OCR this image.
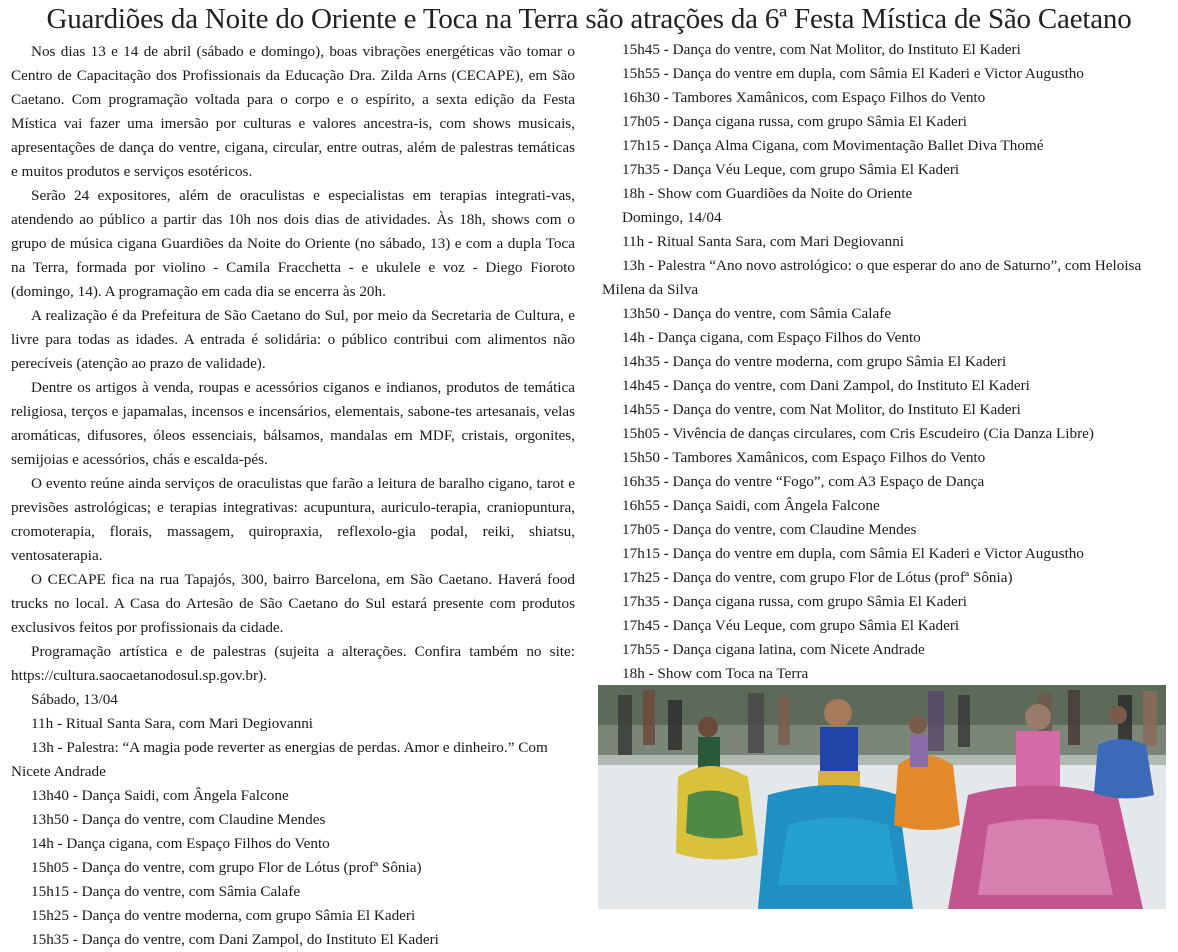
Guardiões da Noite do Oriente e Toca na Terra são atrações da 6ª Festa Mística de São Caetano

Nos dias 13 e 14 de abril (sábado e domingo), boas vibrações energéticas vão tomar o Centro de Capacitação dos Profissionais da Educação Dra. Zilda Arns (CECAPE), em São Caetano. Com programação voltada para o corpo e o espírito, a sexta edição da Festa Mística vai fazer uma imersão por culturas e valores ancestra-is, com shows musicais, apresentações de dança do ventre, cigana, circular, entre outras, além de palestras temáticas e muitos produtos e serviços esotéricos.

Serão 24 expositores, além de oraculistas e especialistas em terapias integrati-vas, atendendo ao público a partir das 10h nos dois dias de atividades. Às 18h, shows com o grupo de música cigana Guardiões da Noite do Oriente (no sábado, 13) e com a dupla Toca na Terra, formada por violino - Camila Fracchetta - e ukulele e voz - Diego Fioroto (domingo, 14). A programação em cada dia se encerra às 20h.

A realização é da Prefeitura de São Caetano do Sul, por meio da Secretaria de Cultura, e livre para todas as idades. A entrada é solidária: o público contribui com alimentos não perecíveis (atenção ao prazo de validade).

Dentre os artigos à venda, roupas e acessórios ciganos e indianos, produtos de temática religiosa, terços e japamalas, incensos e incensários, elementais, sabone-tes artesanais, velas aromáticas, difusores, óleos essenciais, bálsamos, mandalas em MDF, cristais, orgonites, semijoias e acessórios, chás e escalda-pés.

O evento reúne ainda serviços de oraculistas que farão a leitura de baralho cigano, tarot e previsões astrológicas; e terapias integrativas: acupuntura, auriculo-terapia, craniopuntura, cromoterapia, florais, massagem, quiropraxia, reflexolo-gia podal, reiki, shiatsu, ventosaterapia.

O CECAPE fica na rua Tapajós, 300, bairro Barcelona, em São Caetano. Haverá food trucks no local. A Casa do Artesão de São Caetano do Sul estará presente com produtos exclusivos feitos por profissionais da cidade.

Programação artística e de palestras (sujeita a alterações. Confira também no site: https://cultura.saocaetanodosul.sp.gov.br).

Sábado, 13/04

11h - Ritual Santa Sara, com Mari Degiovanni

13h - Palestra: “A magia pode reverter as energias de perdas. Amor e dinheiro.” Com Nicete Andrade

13h40 - Dança Saidi, com Ângela Falcone

13h50 - Dança do ventre, com Claudine Mendes

14h - Dança cigana, com Espaço Filhos do Vento

15h05 - Dança do ventre, com grupo Flor de Lótus (profª Sônia)

15h15 - Dança do ventre, com Sâmia Calafe

15h25 - Dança do ventre moderna, com grupo Sâmia El Kaderi

15h35 - Dança do ventre, com Dani Zampol, do Instituto El Kaderi

15h45 - Dança do ventre, com Nat Molitor, do Instituto El Kaderi

15h55 - Dança do ventre em dupla, com Sâmia El Kaderi e Victor Augustho

16h30 - Tambores Xamânicos, com Espaço Filhos do Vento

17h05 - Dança cigana russa, com grupo Sâmia El Kaderi

17h15 - Dança Alma Cigana, com Movimentação Ballet Diva Thomé

17h35 - Dança Véu Leque, com grupo Sâmia El Kaderi

18h - Show com Guardiões da Noite do Oriente

Domingo, 14/04

11h - Ritual Santa Sara, com Mari Degiovanni

13h - Palestra “Ano novo astrológico: o que esperar do ano de Saturno”, com Heloisa Milena da Silva

13h50 - Dança do ventre, com Sâmia Calafe

14h - Dança cigana, com Espaço Filhos do Vento

14h35 - Dança do ventre moderna, com grupo Sâmia El Kaderi

14h45 - Dança do ventre, com Dani Zampol, do Instituto El Kaderi

14h55 - Dança do ventre, com Nat Molitor, do Instituto El Kaderi

15h05 - Vivência de danças circulares, com Cris Escudeiro (Cia Danza Libre)

15h50 - Tambores Xamânicos, com Espaço Filhos do Vento

16h35 - Dança do ventre “Fogo”, com A3 Espaço de Dança

16h55 - Dança Saidi, com Ângela Falcone

17h05 - Dança do ventre, com Claudine Mendes

17h15 - Dança do ventre em dupla, com Sâmia El Kaderi e Victor Augustho

17h25 - Dança do ventre, com grupo Flor de Lótus (profª Sônia)

17h35 - Dança cigana russa, com grupo Sâmia El Kaderi

17h45 - Dança Véu Leque, com grupo Sâmia El Kaderi

17h55 - Dança cigana latina, com Nicete Andrade

18h - Show com Toca na Terra
